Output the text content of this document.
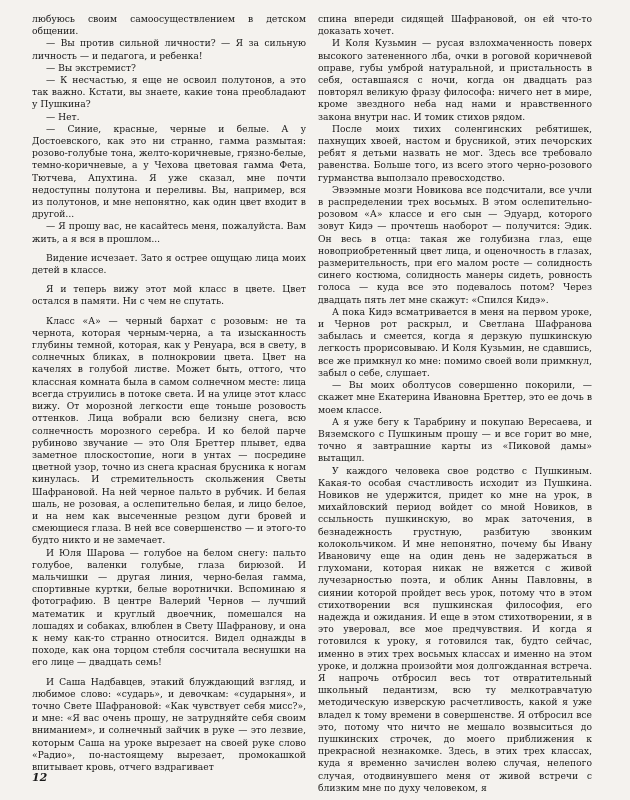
любуюсь своим самоосуществлением в детском общении.

— Вы против сильной личности? — Я за сильную личность — и педагога, и ребенка!

— Вы экстремист?

— К несчастью, я еще не освоил полутонов, а это так важно. Кстати, вы знаете, какие тона преобладают у Пушкина?

— Нет.

— Синие, красные, черные и белые. А у Достоевского, как это ни странно, гамма размытая: розово-голубые тона, желто-коричневые, грязно-белые, темно-коричневые, а у Чехова цветовая гамма Фета, Тютчева, Апухтина. Я уже сказал, мне почти недоступны полутона и переливы. Вы, например, вся из полутонов, и мне непонятно, как один цвет входит в другой...

— Я прошу вас, не касайтесь меня, пожалуйста. Вам жить, а я вся в прошлом...

Видение исчезает. Зато я острее ощущаю лица моих детей в классе.

Я и теперь вижу этот мой класс в цвете. Цвет остался в памяти. Ни с чем не спутать.

Класс «А» — черный бархат с розовым: не та чернота, которая черным-черна, а та изысканность глубины темной, которая, как у Ренуара, вся в свету, в солнечных бликах, в полнокровии цвета. Цвет на качелях в голубой листве. Может быть, оттого, что классная комната была в самом солнечном месте: лица всегда струились в потоке света. И на улице этот класс вижу. От морозной легкости еще тоньше розовость оттенков. Лица вобрали всю белизну снега, всю солнечность морозного серебра. И ко белой парче рубиново звучание — это Оля Бреттер плывет, едва заметное плоскостопие, ноги в унтах — посредине цветной узор, точно из снега красная брусника к ногам кинулась. И стремительность скольжения Светы Шафрановой. На ней черное пальто в рубчик. И белая шаль, не розовая, а ослепительно белая, и лицо белое, и на нем как высеченные резцом дуги бровей и смеющиеся глаза. В ней все совершенство — и этого-то будто никто и не замечает.

И Юля Шарова — голубое на белом снегу: пальто голубое, валенки голубые, глаза бирюзой. И мальчишки — другая линия, черно-белая гамма, спортивные куртки, белые воротнички. Вспоминаю я фотографию. В центре Валерий Чернов — лучший математик и круглый двоечник, помешался на лошадях и собаках, влюблен в Свету Шафранову, и она к нему как-то странно относится. Видел однажды в походе, как она торцом стебля сосчитала веснушки на его лице — двадцать семь!

И Саша Надбавцев, этакий блуждающий взгляд, и любимое слово: «сударь», и девочкам: «сударыня», и точно Свете Шафрановой: «Как чувствует себя мисс?», и мне: «Я вас очень прошу, не затрудняйте себя своим вниманием», и солнечный зайчик в руке — это лезвие, которым Саша на уроке вырезает на своей руке слово «Радио», по-настоящему вырезает, промокашкой впитывает кровь, отчего вздрагивает

спина впереди сидящей Шафрановой, он ей что-то доказать хочет.

И Коля Кузьмин — русая взлохмаченность поверх высокого затененного лба, очки в роговой коричневой оправе, губы умброй натуральной, и пристальность в себя, оставшаяся с ночи, когда он двадцать раз повторял великую фразу философа: ничего нет в мире, кроме звездного неба над нами и нравственного закона внутри нас. И томик стихов рядом.

После моих тихих соленгинских ребятишек, пахнущих хвоей, настом и брусникой, этих печорских ребят я детьми назвать не мог. Здесь все требовало равенства. Больше того, из всего этого черно-розового гурманства выползало превосходство.

Эвээмные мозги Новикова все подсчитали, все учли в распределении трех восьмых. В этом ослепительно-розовом «А» классе и его сын — Эдуард, которого зовут Кидэ — прочтешь наоборот — получится: Эдик. Он весь в отца: такая же голубизна глаз, еще новоприобретенный цвет лица, и оценочность в глазах, размерительность, при его малом росте — солидность синего костюма, солидность манеры сидеть, ровность голоса — куда все это подевалось потом? Через двадцать пять лет мне скажут: «Спился Кидэ».

А пока Кидэ всматривается в меня на первом уроке, и Чернов рот раскрыл, и Светлана Шафранова забылась и смеется, когда я дерзкую пушкинскую легкость прорисовываю. И Коля Кузьмин, не сдавшись, все же примкнул ко мне: помимо своей воли примкнул, забыл о себе, слушает.

— Вы моих оболтусов совершенно покорили, — скажет мне Екатерина Ивановна Бреттер, это ее дочь в моем классе.

А я уже бегу к Тарабрину и покупаю Вересаева, и Вяземского с Пушкиным прошу — и все горит во мне, точно я завтрашние карты из «Пиковой дамы» вытащил.

У каждого человека свое родство с Пушкиным. Какая-то особая счастливость исходит из Пушкина. Новиков не удержится, придет ко мне на урок, в михайловский период войдет со мной Новиков, в ссыльность пушкинскую, во мрак заточения, в безнадежность грустную, разбитую звонким колокольчиком. И мне непонятно, почему бы Ивану Ивановичу еще на один день не задержаться в глухомани, которая никак не вяжется с живой лучезарностью поэта, и облик Анны Павловны, в сиянии которой пройдет весь урок, потому что в этом стихотворении вся пушкинская философия, его надежда и ожидания. И еще в этом стихотворении, я в это уверовал, все мое предчувствия. И когда я готовился к уроку, я готовился так, будто сейчас, именно в этих трех восьмых классах и именно на этом уроке, и должна произойти моя долгожданная встреча. Я напрочь отбросил весь тот отвратительный школьный педантизм, всю ту мелкотравчатую методическую изверскую расчетливость, какой я уже владел к тому времени в совершенстве. Я отбросил все это, потому что ничто не мешало возвыситься до пушкинских строчек, до моего приближения к прекрасной незнакомке. Здесь, в этих трех классах, куда я временно зачислен волею случая, нелепого случая, отодвинувшего меня от живой встречи с близким мне по духу человеком, я

12
